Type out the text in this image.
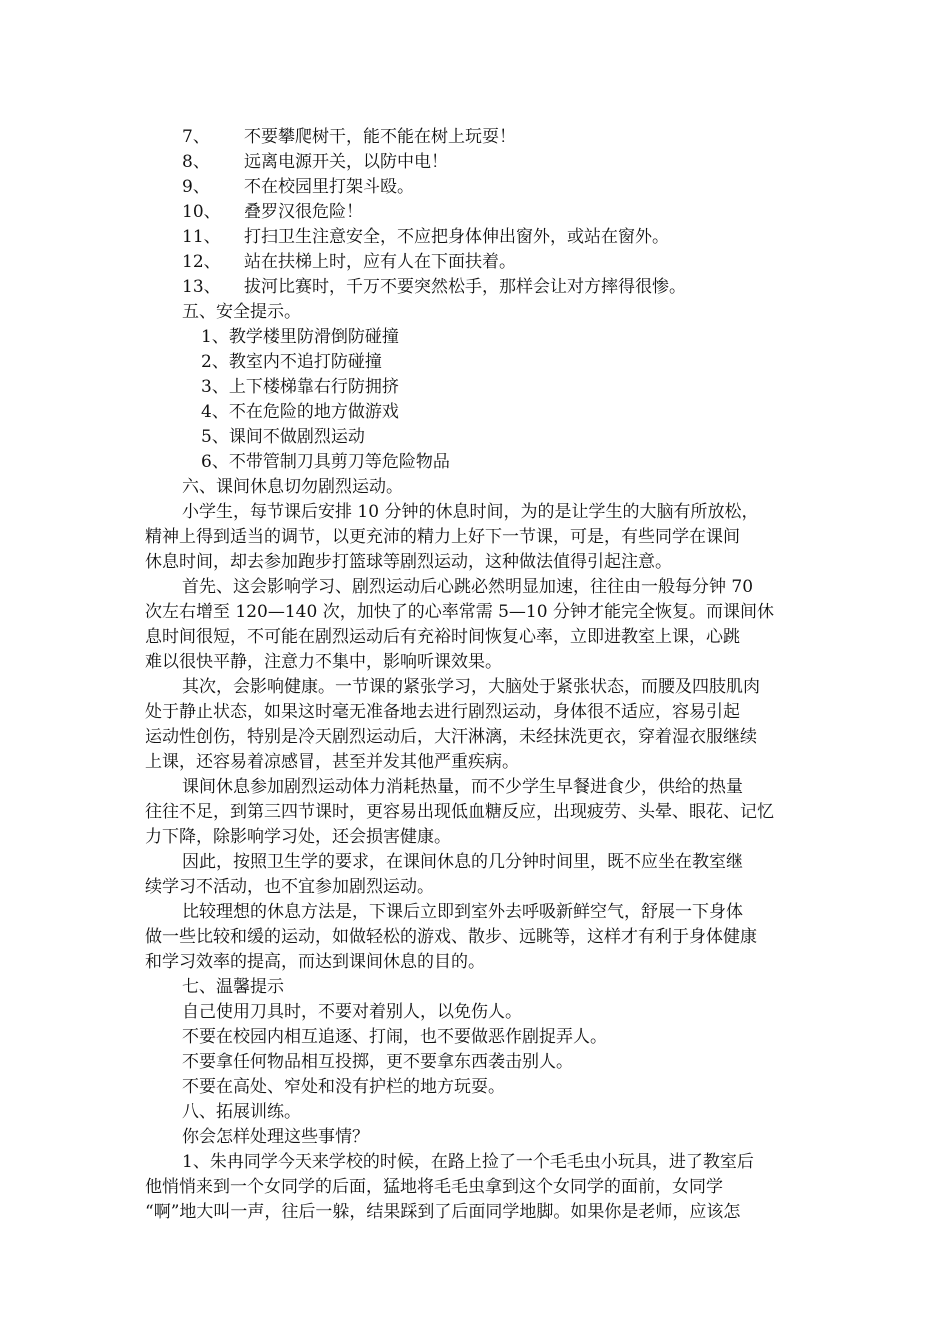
7、 不要攀爬树干，能不能在树上玩耍！
8、 远离电源开关，以防中电！
9、 不在校园里打架斗殴。
10、 叠罗汉很危险！
11、 打扫卫生注意安全，不应把身体伸出窗外，或站在窗外。
12、 站在扶梯上时，应有人在下面扶着。
13、 拔河比赛时，千万不要突然松手，那样会让对方摔得很惨。
五、安全提示。
1、教学楼里防滑倒防碰撞
2、教室内不追打防碰撞
3、上下楼梯靠右行防拥挤
4、不在危险的地方做游戏
5、课间不做剧烈运动
6、不带管制刀具剪刀等危险物品
六、课间休息切勿剧烈运动。
小学生，每节课后安排 10 分钟的休息时间，为的是让学生的大脑有所放松，
精神上得到适当的调节，以更充沛的精力上好下一节课，可是，有些同学在课间
休息时间，却去参加跑步打篮球等剧烈运动，这种做法值得引起注意。
首先、这会影响学习、剧烈运动后心跳必然明显加速，往往由一般每分钟 70
次左右增至 120—140 次，加快了的心率常需 5—10 分钟才能完全恢复。而课间休
息时间很短，不可能在剧烈运动后有充裕时间恢复心率，立即进教室上课，心跳
难以很快平静，注意力不集中，影响听课效果。
其次，会影响健康。一节课的紧张学习，大脑处于紧张状态，而腰及四肢肌肉
处于静止状态，如果这时毫无准备地去进行剧烈运动，身体很不适应，容易引起
运动性创伤，特别是冷天剧烈运动后，大汗淋漓，未经抹洗更衣，穿着湿衣服继续
上课，还容易着凉感冒，甚至并发其他严重疾病。
课间休息参加剧烈运动体力消耗热量，而不少学生早餐进食少，供给的热量
往往不足，到第三四节课时，更容易出现低血糖反应，出现疲劳、头晕、眼花、记忆
力下降，除影响学习处，还会损害健康。
因此，按照卫生学的要求，在课间休息的几分钟时间里，既不应坐在教室继
续学习不活动，也不宜参加剧烈运动。
比较理想的休息方法是，下课后立即到室外去呼吸新鲜空气，舒展一下身体
做一些比较和缓的运动，如做轻松的游戏、散步、远眺等，这样才有利于身体健康
和学习效率的提高，而达到课间休息的目的。
七、温馨提示
自己使用刀具时，不要对着别人，以免伤人。
不要在校园内相互追逐、打闹，也不要做恶作剧捉弄人。
不要拿任何物品相互投掷，更不要拿东西袭击别人。
不要在高处、窄处和没有护栏的地方玩耍。
八、拓展训练。
你会怎样处理这些事情？
1、朱冉同学今天来学校的时候，在路上捡了一个毛毛虫小玩具，进了教室后
他悄悄来到一个女同学的后面，猛地将毛毛虫拿到这个女同学的面前，女同学
“啊”地大叫一声，往后一躲，结果踩到了后面同学地脚。如果你是老师，应该怎
